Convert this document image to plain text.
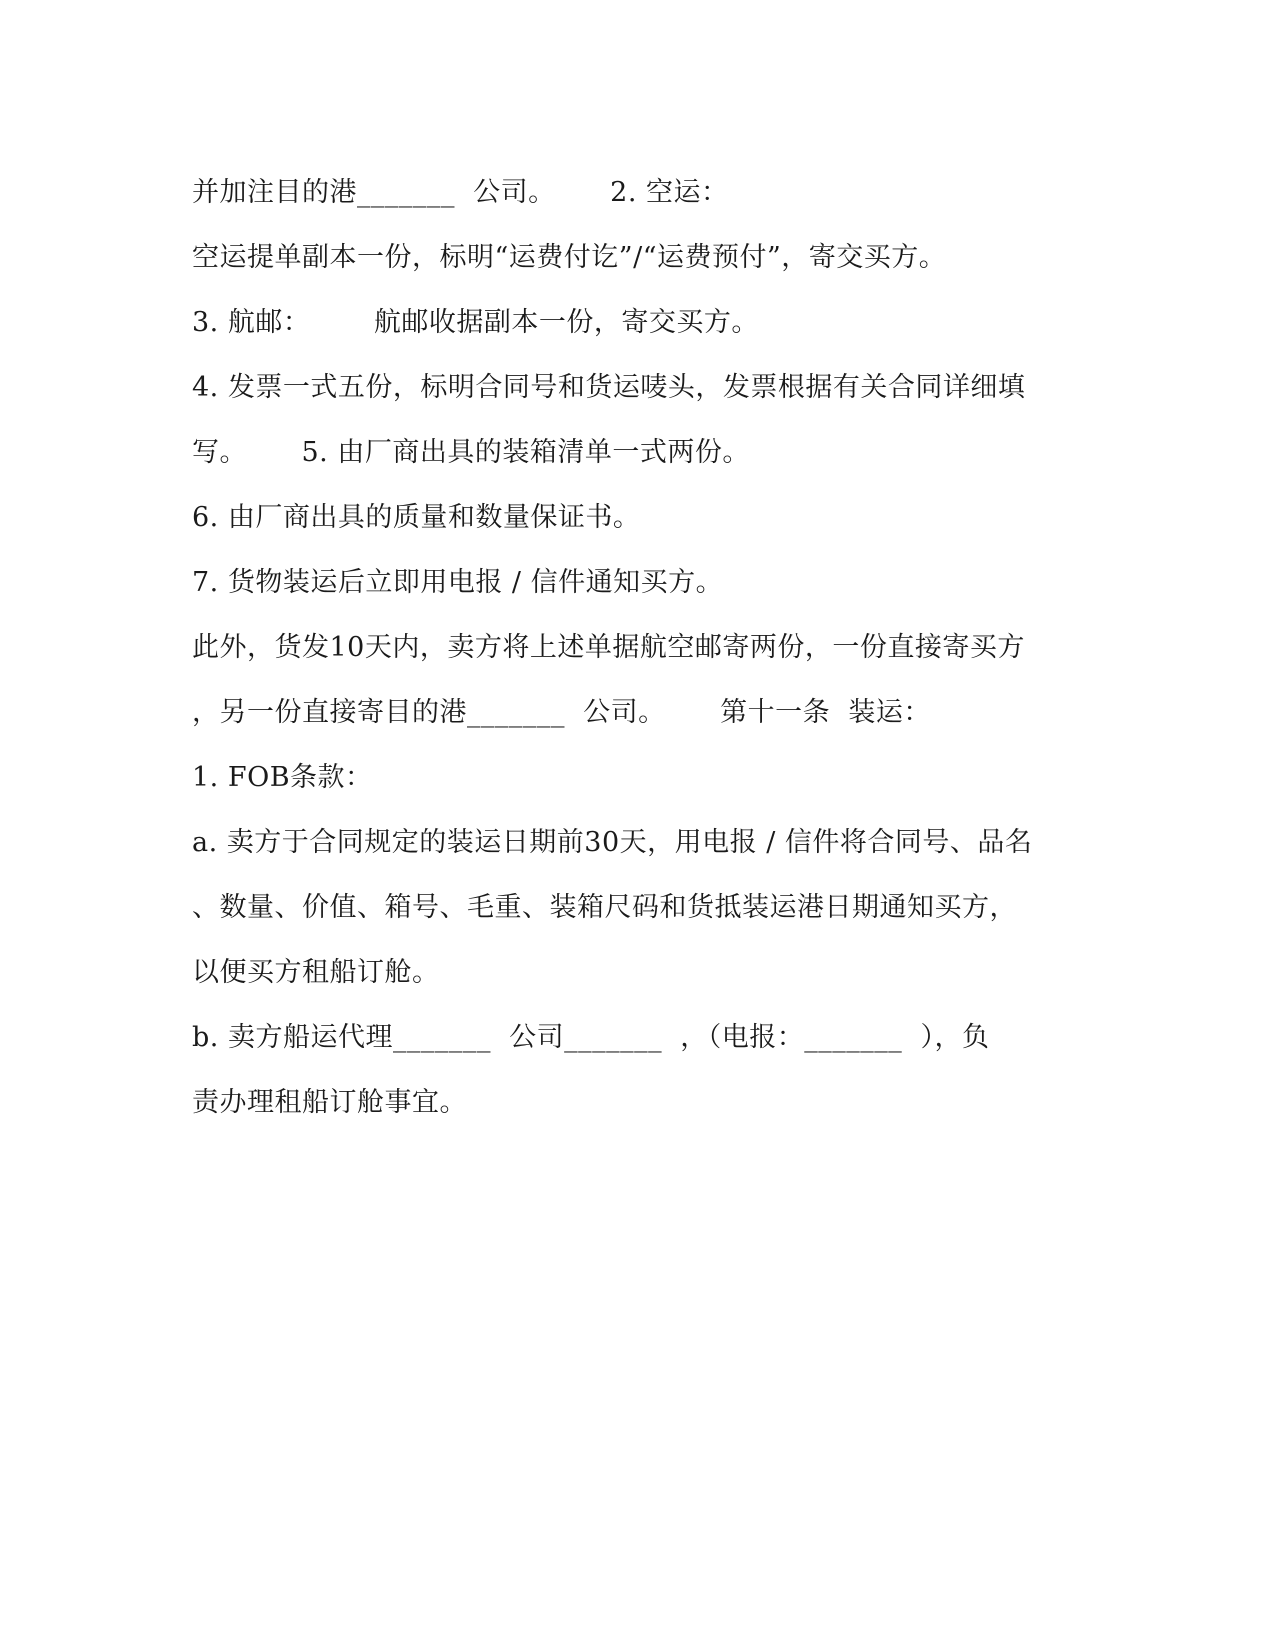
并加注目的港_______  公司。      2. 空运：
空运提单副本一份，标明“运费付讫”/“运费预付”，寄交买方。
3. 航邮：       航邮收据副本一份，寄交买方。
4. 发票一式五份，标明合同号和货运唛头，发票根据有关合同详细填
写。      5. 由厂商出具的装箱清单一式两份。
6. 由厂商出具的质量和数量保证书。
7. 货物装运后立即用电报 / 信件通知买方。
此外，货发10天内，卖方将上述单据航空邮寄两份，一份直接寄买方
，另一份直接寄目的港_______  公司。      第十一条  装运：
1. FOB条款：
a. 卖方于合同规定的装运日期前30天，用电报 / 信件将合同号、品名
、数量、价值、箱号、毛重、装箱尺码和货抵装运港日期通知买方，
以便买方租船订舱。
b. 卖方船运代理_______  公司_______  ，（电报：_______  ），负
责办理租船订舱事宜。
